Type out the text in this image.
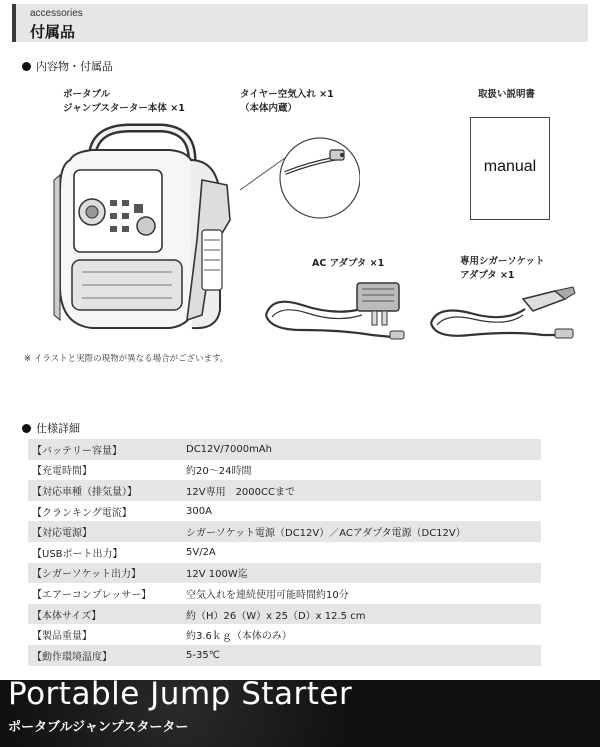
accessories
付属品
内容物・付属品
ポータブル
ジャンプスターター本体 ×1
タイヤー空気入れ ×1
（本体内蔵）
取扱い説明書
AC アダプタ ×1	専用シガーソケット
アダプタ ×1
manual
※ イラストと実際の現物が異なる場合がございます。
仕様詳細
【バッテリー容量】	DC12V/7000mAh
【充電時間】	約20～24時間
【対応車種（排気量）】	12V専用　2000CCまで
【クランキング電流】	300A
【対応電源】	シガーソケット電源（DC12V）／ACアダプタ電源（DC12V）
【USBポート出力】	5V/2A
【シガーソケット出力】	12V 100W迄
【エアーコンプレッサー】	空気入れを連続使用可能時間約10分
【本体サイズ】	約（H）26（W）x 25（D）x 12.5 cm
【製品重量】	約3.6ｋｇ（本体のみ）
【動作環境温度】	5-35℃
Portable Jump Starter
ポータブルジャンプスターター
